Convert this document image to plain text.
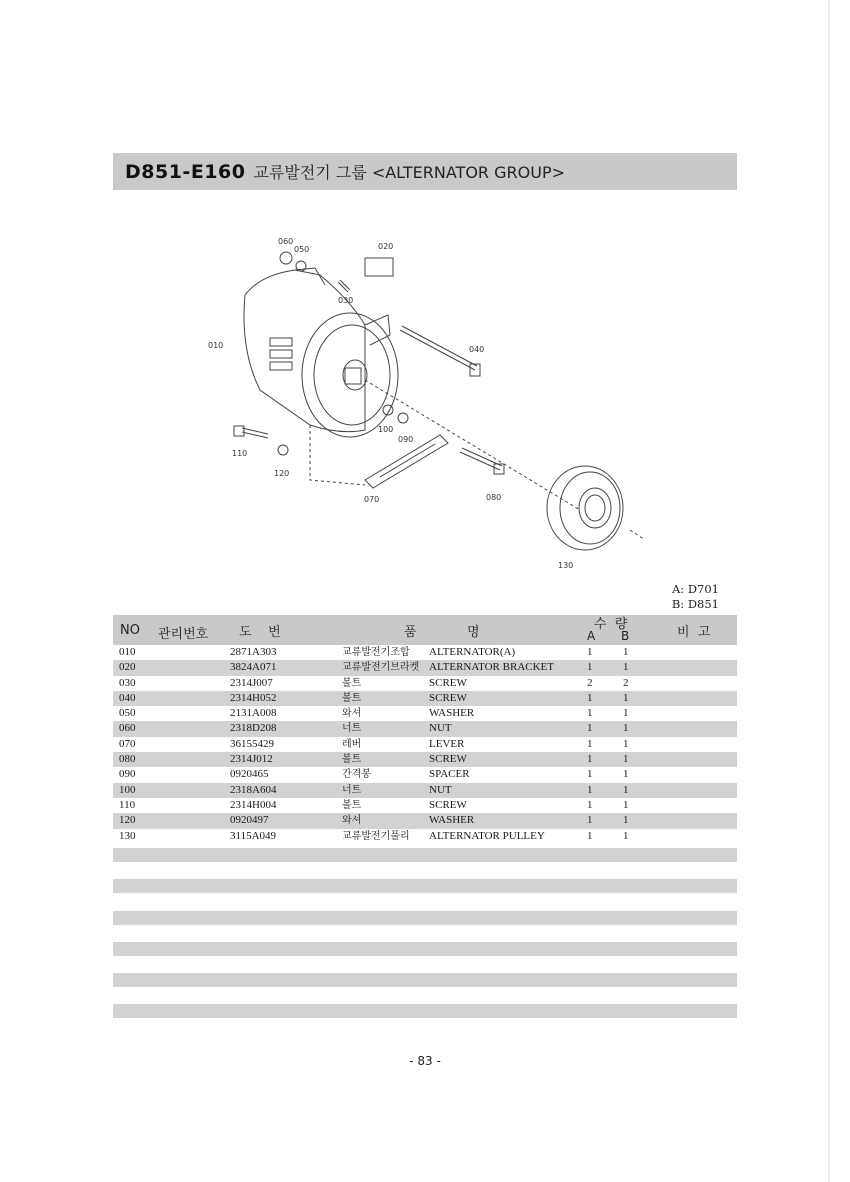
D851-E160 교류발전기 그룹 <ALTERNATOR GROUP>
060
050	020
030
010	040
100
090
110
120
070	080
130
A: D701
B: D851
NO 관리번호 도    번	품	명
수  량
A B	비  고
010	2871A303	교류발전기조합 ALTERNATOR(A)	1	1
020	3824A071	교류발전기브라켓 ALTERNATOR BRACKET	1	1
030	2314J007	볼트	SCREW	2	2
040	2314H052	볼트	SCREW	1	1
050	2131A008	와셔	WASHER	1	1
060	2318D208	너트	NUT	1	1
070	36155429	레버	LEVER	1	1
080	2314J012	볼트	SCREW	1	1
090	0920465	간격봉	SPACER	1	1
100	2318A604	너트	NUT	1	1
110	2314H004	볼트	SCREW	1	1
120	0920497	와셔	WASHER	1	1
130	3115A049	교류발전기풀리 ALTERNATOR PULLEY	1	1
- 83 -
